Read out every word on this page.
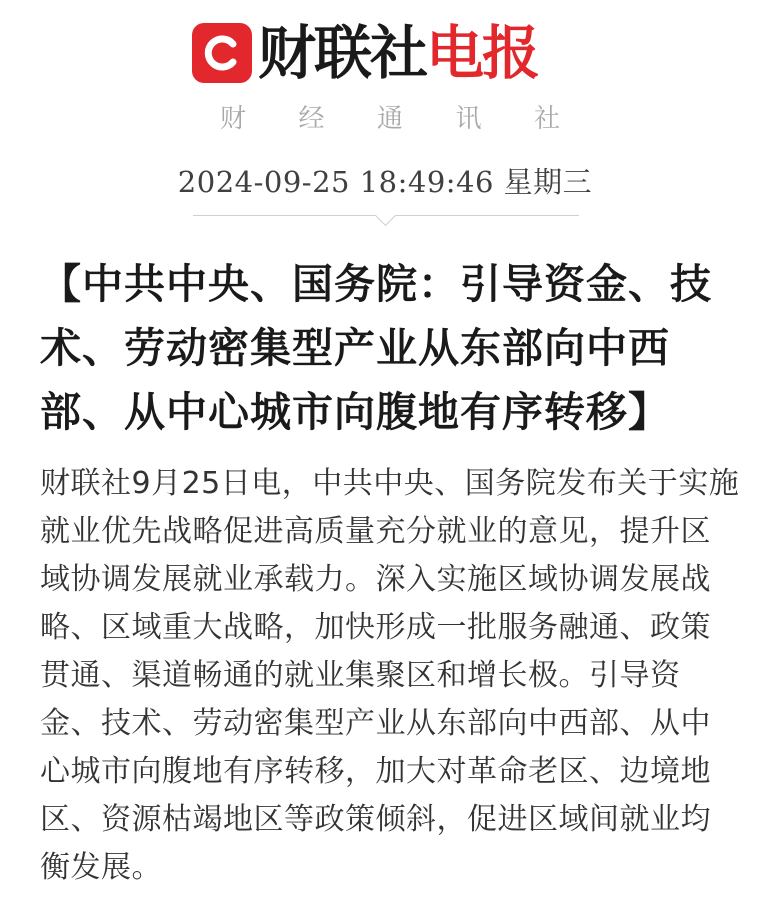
财联社电报
财 经 通 讯 社
2024-09-25 18:49:46 星期三
【中共中央、国务院：引导资金、技术、劳动密集型产业从东部向中西部、从中心城市向腹地有序转移】
财联社9月25日电，中共中央、国务院发布关于实施就业优先战略促进高质量充分就业的意见，提升区域协调发展就业承载力。深入实施区域协调发展战略、区域重大战略，加快形成一批服务融通、政策贯通、渠道畅通的就业集聚区和增长极。引导资金、技术、劳动密集型产业从东部向中西部、从中心城市向腹地有序转移，加大对革命老区、边境地区、资源枯竭地区等政策倾斜，促进区域间就业均衡发展。
